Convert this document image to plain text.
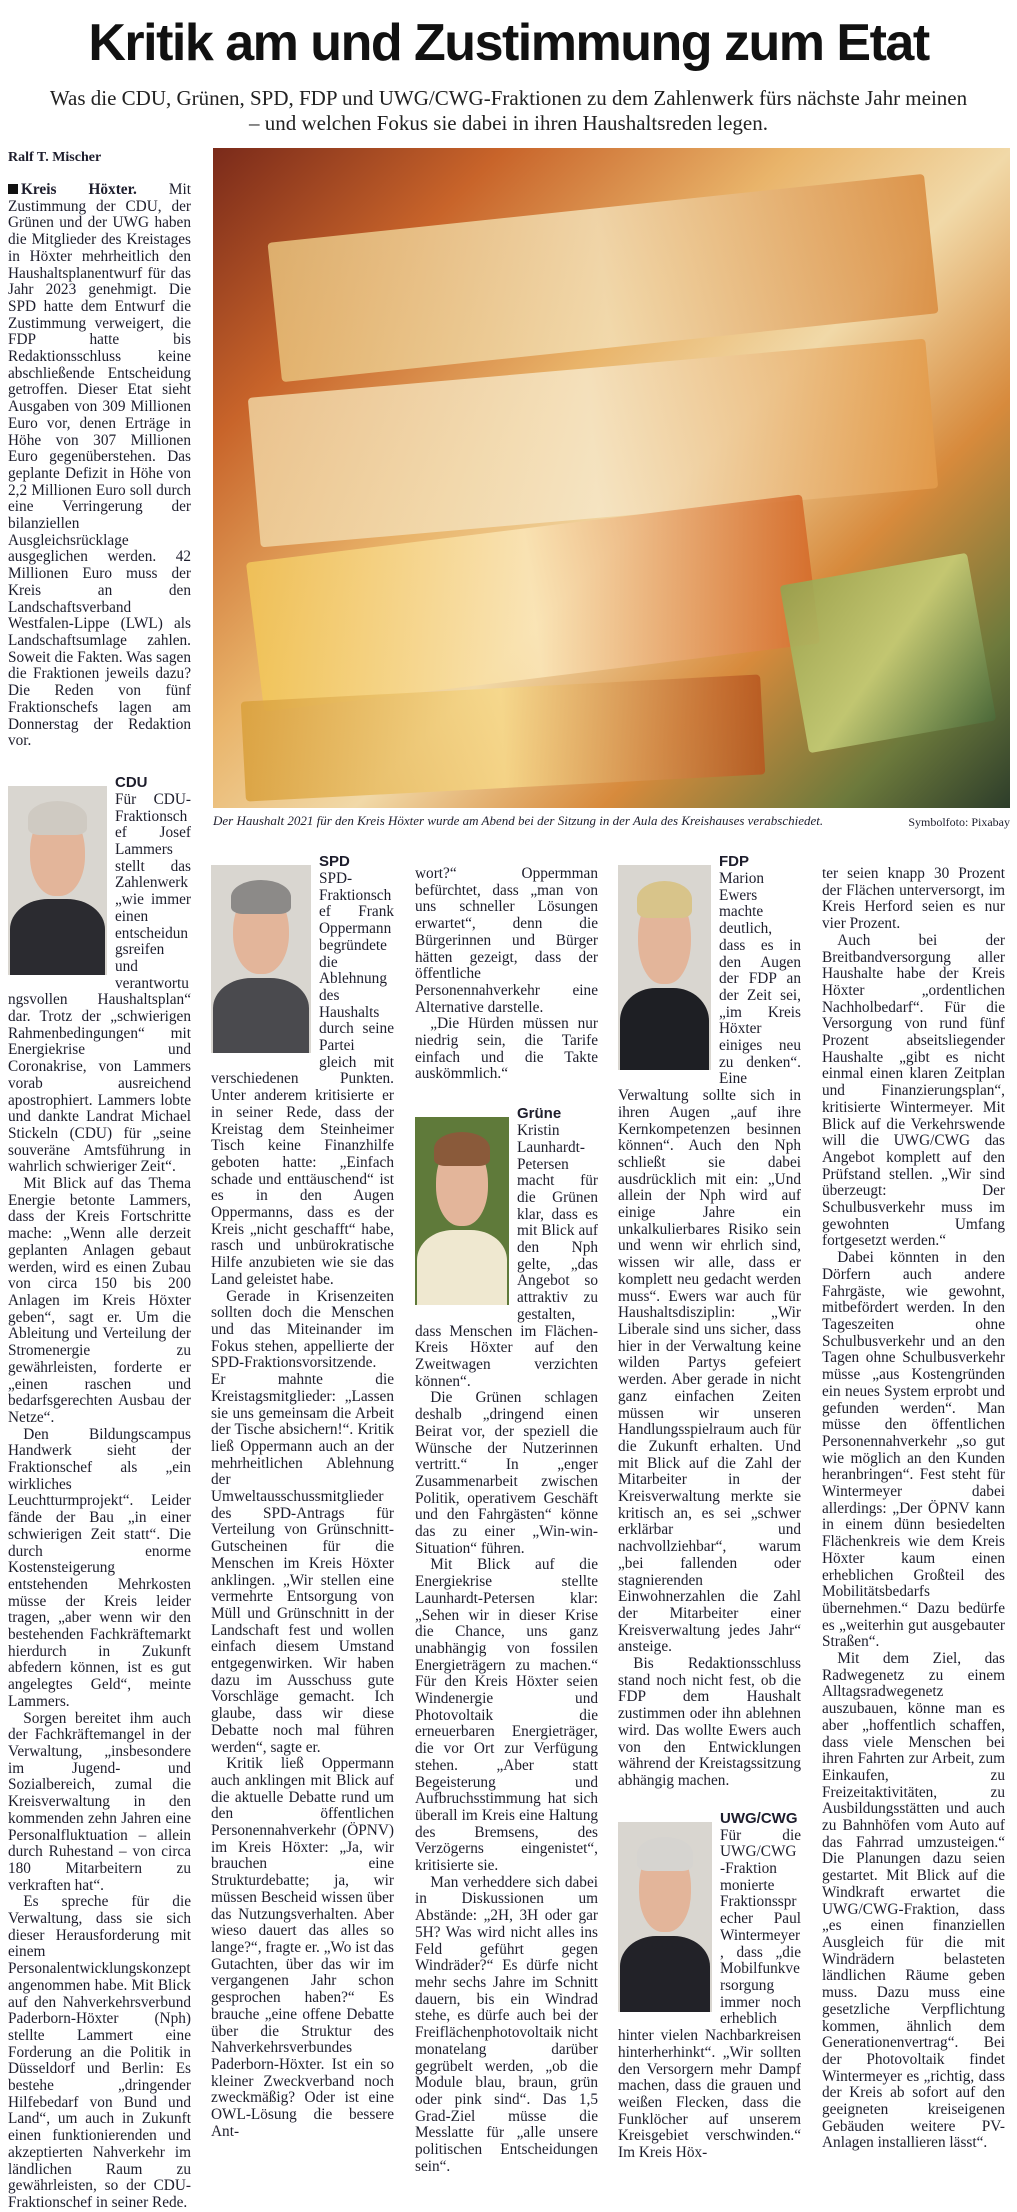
Kritik am und Zustimmung zum Etat
Was die CDU, Grünen, SPD, FDP und UWG/CWG-Fraktionen zu dem Zahlenwerk fürs nächste Jahr meinen
– und welchen Fokus sie dabei in ihren Haushaltsreden legen.
Ralf T. Mischer
Der Haushalt 2021 für den Kreis Höxter wurde am Abend bei der Sitzung in der Aula des Kreishauses verabschiedet.	Symbolfoto: Pixabay

Kreis Höxter. Mit Zustimmung der CDU, der Grünen und der UWG haben die Mitglieder des Kreistages in Höxter mehrheitlich den Haushaltsplanentwurf für das Jahr 2023 genehmigt. Die SPD hatte dem Entwurf die Zustimmung verweigert, die FDP hatte bis Redaktionsschluss keine abschließende Entscheidung getroffen. Dieser Etat sieht Ausgaben von 309 Millionen Euro vor, denen Erträge in Höhe von 307 Millionen Euro gegenüberstehen. Das geplante Defizit in Höhe von 2,2 Millionen Euro soll durch eine Verringerung der bilanziellen Ausgleichsrücklage ausgeglichen werden. 42 Millionen Euro muss der Kreis an den Landschaftsverband Westfalen-Lippe (LWL) als Landschaftsumlage zahlen. Soweit die Fakten. Was sagen die Fraktionen jeweils dazu? Die Reden von fünf Fraktionschefs lagen am Donnerstag der Redaktion vor.

CDU

Für CDU-Fraktionschef Josef Lammers stellt das Zahlenwerk „wie immer einen entscheidungsreifen und verantwortungsvollen Haushaltsplan“ dar. Trotz der „schwierigen Rahmenbedingungen“ mit Energiekrise und Coronakrise, von Lammers vorab ausreichend apostrophiert. Lammers lobte und dankte Landrat Michael Stickeln (CDU) für „seine souveräne Amtsführung in wahrlich schwieriger Zeit“.

Mit Blick auf das Thema Energie betonte Lammers, dass der Kreis Fortschritte mache: „Wenn alle derzeit geplanten Anlagen gebaut werden, wird es einen Zubau von circa 150 bis 200 Anlagen im Kreis Höxter geben“, sagt er. Um die Ableitung und Verteilung der Stromenergie zu gewährleisten, forderte er „einen raschen und bedarfsgerechten Ausbau der Netze“.

Den Bildungscampus Handwerk sieht der Fraktionschef als „ein wirkliches Leuchtturmprojekt“. Leider fände der Bau „in einer schwierigen Zeit statt“. Die durch enorme Kostensteigerung entstehenden Mehrkosten müsse der Kreis leider tragen, „aber wenn wir den bestehenden Fachkräftemarkt hierdurch in Zukunft abfedern können, ist es gut angelegtes Geld“, meinte Lammers.

Sorgen bereitet ihm auch der Fachkräftemangel in der Verwaltung, „insbesondere im Jugend- und Sozialbereich, zumal die Kreisverwaltung in den kommenden zehn Jahren eine Personalfluktuation – allein durch Ruhestand – von circa 180 Mitarbeitern zu verkraften hat“.

Es spreche für die Verwaltung, dass sie sich dieser Herausforderung mit einem Personalentwicklungskonzept angenommen habe. Mit Blick auf den Nahverkehrsverbund Paderborn-Höxter (Nph) stellte Lammert eine Forderung an die Politik in Düsseldorf und Berlin: Es bestehe „dringender Hilfebedarf von Bund und Land“, um auch in Zukunft einen funktionierenden und akzeptierten Nahverkehr im ländlichen Raum zu gewährleisten, so der CDU-Fraktionschef in seiner Rede.

SPD

SPD-Fraktionschef Frank Oppermann begründete die Ablehnung des Haushalts durch seine Partei gleich mit verschiedenen Punkten. Unter anderem kritisierte er in seiner Rede, dass der Kreistag dem Steinheimer Tisch keine Finanzhilfe geboten hatte: „Einfach schade und enttäuschend“ ist es in den Augen Oppermanns, dass es der Kreis „nicht geschafft“ habe, rasch und unbürokratische Hilfe anzubieten wie sie das Land geleistet habe.

Gerade in Krisenzeiten sollten doch die Menschen und das Miteinander im Fokus stehen, appellierte der SPD-Fraktionsvorsitzende. Er mahnte die Kreistagsmitglieder: „Lassen sie uns gemeinsam die Arbeit der Tische absichern!“. Kritik ließ Oppermann auch an der mehrheitlichen Ablehnung der Umweltausschussmitglieder des SPD-Antrags für Verteilung von Grünschnitt-Gutscheinen für die Menschen im Kreis Höxter anklingen. „Wir stellen eine vermehrte Entsorgung von Müll und Grünschnitt in der Landschaft fest und wollen einfach diesem Umstand entgegenwirken. Wir haben dazu im Ausschuss gute Vorschläge gemacht. Ich glaube, dass wir diese Debatte noch mal führen werden“, sagte er.

Kritik ließ Oppermann auch anklingen mit Blick auf die aktuelle Debatte rund um den öffentlichen Personennahverkehr (ÖPNV) im Kreis Höxter: „Ja, wir brauchen eine Strukturdebatte; ja, wir müssen Bescheid wissen über das Nutzungsverhalten. Aber wieso dauert das alles so lange?“, fragte er. „Wo ist das Gutachten, über das wir im vergangenen Jahr schon gesprochen haben?“ Es brauche „eine offene Debatte über die Struktur des Nahverkehrsverbundes Paderborn-Höxter. Ist ein so kleiner Zweckverband noch zweckmäßig? Oder ist eine OWL-Lösung die bessere Ant-

wort?“ Oppermman befürchtet, dass „man von uns schneller Lösungen erwartet“, denn die Bürgerinnen und Bürger hätten gezeigt, dass der öffentliche Personennahverkehr eine Alternative darstelle.

„Die Hürden müssen nur niedrig sein, die Tarife einfach und die Takte auskömmlich.“

Grüne

Kristin Launhardt-Petersen macht für die Grünen klar, dass es mit Blick auf den Nph gelte, „das Angebot so attraktiv zu gestalten, dass Menschen im Flächen-Kreis Höxter auf den Zweitwagen verzichten können“.

Die Grünen schlagen deshalb „dringend einen Beirat vor, der speziell die Wünsche der Nutzerinnen vertritt.“ In „enger Zusammenarbeit zwischen Politik, operativem Geschäft und den Fahrgästen“ könne das zu einer „Win-win-Situation“ führen.

Mit Blick auf die Energiekrise stellte Launhardt-Petersen klar: „Sehen wir in dieser Krise die Chance, uns ganz unabhängig von fossilen Energieträgern zu machen.“ Für den Kreis Höxter seien Windenergie und Photovoltaik die erneuerbaren Energieträger, die vor Ort zur Verfügung stehen. „Aber statt Begeisterung und Aufbruchsstimmung hat sich überall im Kreis eine Haltung des Bremsens, des Verzögerns eingenistet“, kritisierte sie.

Man verheddere sich dabei in Diskussionen um Abstände: „2H, 3H oder gar 5H? Was wird nicht alles ins Feld geführt gegen Windräder?“ Es dürfe nicht mehr sechs Jahre im Schnitt dauern, bis ein Windrad stehe, es dürfe auch bei der Freiflächenphotovoltaik nicht monatelang darüber gegrübelt werden, „ob die Module blau, braun, grün oder pink sind“. Das 1,5 Grad-Ziel müsse die Messlatte für „alle unsere politischen Entscheidungen sein“.

FDP

Marion Ewers machte deutlich, dass es in den Augen der FDP an der Zeit sei, „im Kreis Höxter einiges neu zu denken“. Eine Verwaltung sollte sich in ihren Augen „auf ihre Kernkompetenzen besinnen können“. Auch den Nph schließt sie dabei ausdrücklich mit ein: „Und allein der Nph wird auf einige Jahre ein unkalkulierbares Risiko sein und wenn wir ehrlich sind, wissen wir alle, dass er komplett neu gedacht werden muss“. Ewers war auch für Haushaltsdisziplin: „Wir Liberale sind uns sicher, dass hier in der Verwaltung keine wilden Partys gefeiert werden. Aber gerade in nicht ganz einfachen Zeiten müssen wir unseren Handlungsspielraum auch für die Zukunft erhalten. Und mit Blick auf die Zahl der Mitarbeiter in der Kreisverwaltung merkte sie kritisch an, es sei „schwer erklärbar und nachvollziehbar“, warum „bei fallenden oder stagnierenden Einwohnerzahlen die Zahl der Mitarbeiter einer Kreisverwaltung jedes Jahr“ ansteige.

Bis Redaktionsschluss stand noch nicht fest, ob die FDP dem Haushalt zustimmen oder ihn ablehnen wird. Das wollte Ewers auch von den Entwicklungen während der Kreistagssitzung abhängig machen.

UWG/CWG

Für die UWG/CWG-Fraktion monierte Fraktionssprecher Paul Wintermeyer, dass „die Mobilfunkversorgung immer noch erheblich hinter vielen Nachbarkreisen hinterherhinkt“. „Wir sollten den Versorgern mehr Dampf machen, dass die grauen und weißen Flecken, dass die Funklöcher auf unserem Kreisgebiet verschwinden.“ Im Kreis Höx-

ter seien knapp 30 Prozent der Flächen unterversorgt, im Kreis Herford seien es nur vier Prozent.

Auch bei der Breitbandversorgung aller Haushalte habe der Kreis Höxter „ordentlichen Nachholbedarf“. Für die Versorgung von rund fünf Prozent abseitsliegender Haushalte „gibt es nicht einmal einen klaren Zeitplan und Finanzierungsplan“, kritisierte Wintermeyer. Mit Blick auf die Verkehrswende will die UWG/CWG das Angebot komplett auf den Prüfstand stellen. „Wir sind überzeugt: Der Schulbusverkehr muss im gewohnten Umfang fortgesetzt werden.“

Dabei könnten in den Dörfern auch andere Fahrgäste, wie gewohnt, mitbefördert werden. In den Tageszeiten ohne Schulbusverkehr und an den Tagen ohne Schulbusverkehr müsse „aus Kostengründen ein neues System erprobt und gefunden werden“. Man müsse den öffentlichen Personennahverkehr „so gut wie möglich an den Kunden heranbringen“. Fest steht für Wintermeyer dabei allerdings: „Der ÖPNV kann in einem dünn besiedelten Flächenkreis wie dem Kreis Höxter kaum einen erheblichen Großteil des Mobilitätsbedarfs übernehmen.“ Dazu bedürfe es „weiterhin gut ausgebauter Straßen“.

Mit dem Ziel, das Radwegenetz zu einem Alltagsradwegenetz auszubauen, könne man es aber „hoffentlich schaffen, dass viele Menschen bei ihren Fahrten zur Arbeit, zum Einkaufen, zu Freizeitaktivitäten, zu Ausbildungsstätten und auch zu Bahnhöfen vom Auto auf das Fahrrad umzusteigen.“ Die Planungen dazu seien gestartet. Mit Blick auf die Windkraft erwartet die UWG/CWG-Fraktion, dass „es einen finanziellen Ausgleich für die mit Windrädern belasteten ländlichen Räume geben muss. Dazu muss eine gesetzliche Verpflichtung kommen, ähnlich dem Generationenvertrag“. Bei der Photovoltaik findet Wintermeyer es „richtig, dass der Kreis ab sofort auf den geeigneten kreiseigenen Gebäuden weitere PV-Anlagen installieren lässt“.
